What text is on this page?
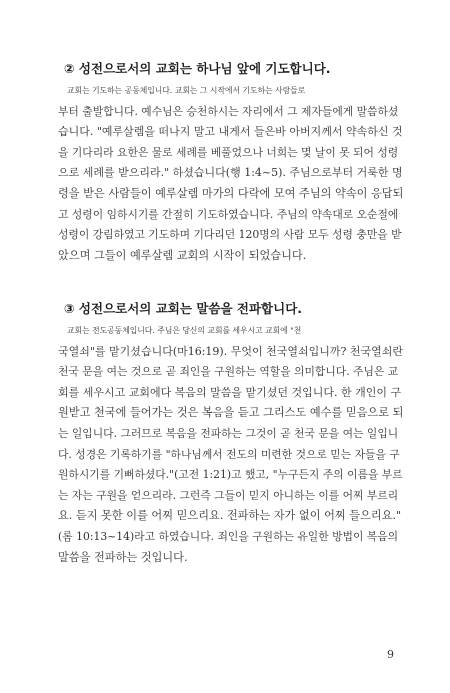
② 성전으로서의 교회는 하나님 앞에 기도합니다.
교회는 기도하는 공동체입니다. 교회는 그 시작에서 기도하는 사람들로
부터 출발합니다. 예수님은 승천하시는 자리에서 그 제자들에게 말씀하셨
습니다. "예루살렘을 떠나지 말고 내게서 들은바 아버지께서 약속하신 것
을 기다리라 요한은 물로 세례를 베풀었으나 너희는 몇 날이 못 되어 성령
으로 세례를 받으리라." 하셨습니다(행 1:4~5). 주님으로부터 거룩한 명
령을 받은 사람들이 예루살렘 마가의 다락에 모여 주님의 약속이 응답되
고 성령이 임하시기를 간절히 기도하였습니다. 주님의 약속대로 오순절에
성령이 강림하였고 기도하며 기다리던 120명의 사람 모두 성령 충만을 받
았으며 그들이 예루살렘 교회의 시작이 되었습니다.
③ 성전으로서의 교회는 말씀을 전파합니다.
교회는 전도공동체입니다. 주님은 당신의 교회를 세우시고 교회에 "천
국열쇠"를 맡기셨습니다(마16:19). 무엇이 천국열쇠입니까? 천국열쇠란
천국 문을 여는 것으로 곧 죄인을 구원하는 역할을 의미합니다. 주님은 교
회를 세우시고 교회에다 복음의 말씀을 맡기셨던 것입니다. 한 개인이 구
원받고 천국에 들어가는 것은 복음을 듣고 그리스도 예수를 믿음으로 되
는 일입니다. 그러므로 복음을 전파하는 그것이 곧 천국 문을 여는 일입니
다. 성경은 기록하기를 "하나님께서 전도의 미련한 것으로 믿는 자들을 구
원하시기를 기뻐하셨다."(고전 1:21)고 했고, "누구든지 주의 이름을 부르
는 자는 구원을 얻으리라. 그런즉 그들이 믿지 아니하는 이를 어찌 부르리
요. 듣지 못한 이를 어찌 믿으리요. 전파하는 자가 없이 어찌 들으리요."
(롬 10:13~14)라고 하였습니다. 죄인을 구원하는 유일한 방법이 복음의
말씀을 전파하는 것입니다.
9
